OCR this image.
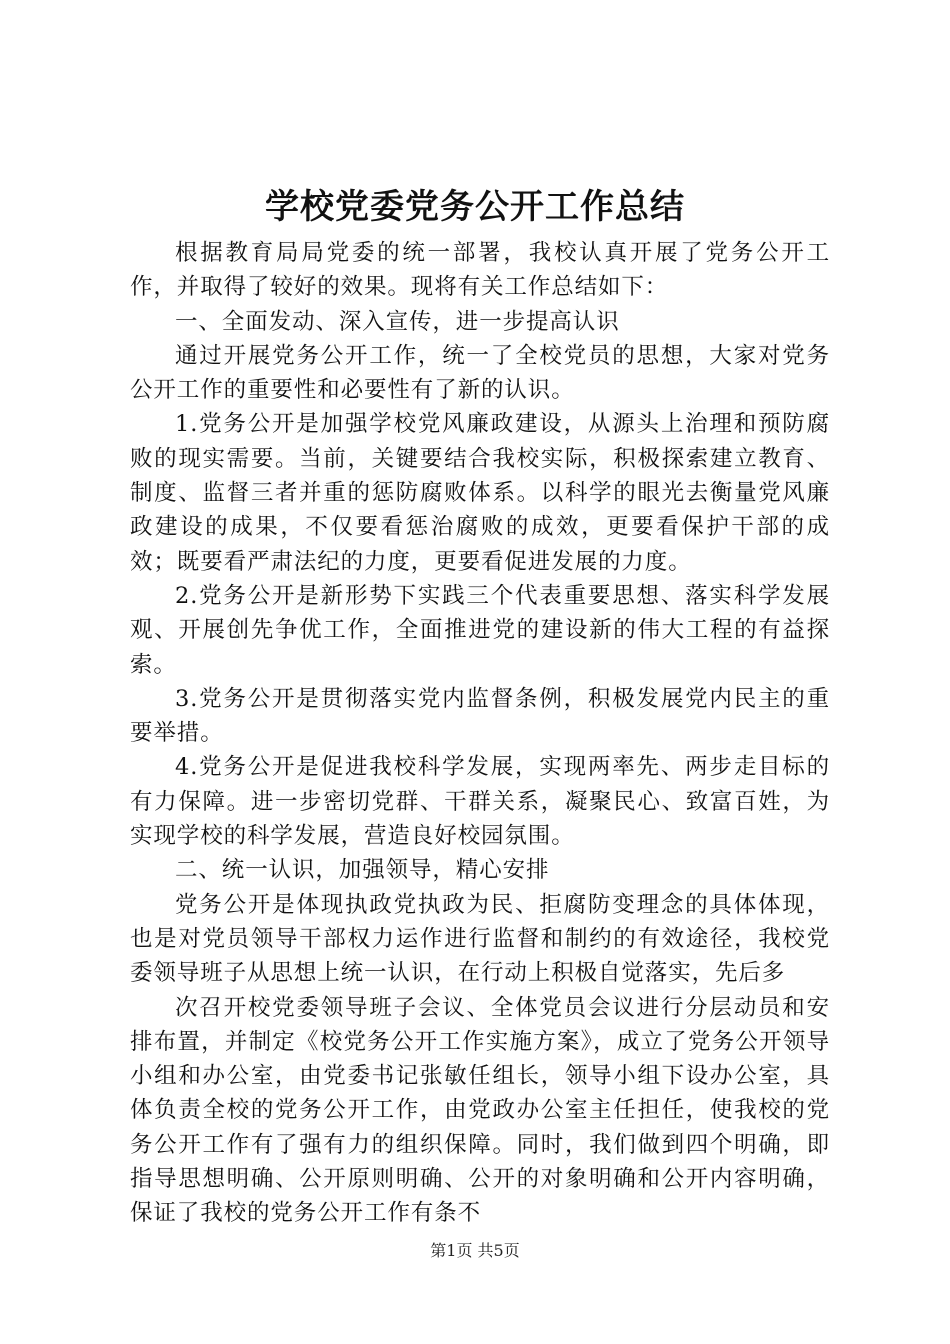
学校党委党务公开工作总结

根据教育局局党委的统一部署，我校认真开展了党务公开工作，并取得了较好的效果。现将有关工作总结如下：

一、全面发动、深入宣传，进一步提高认识

通过开展党务公开工作，统一了全校党员的思想，大家对党务公开工作的重要性和必要性有了新的认识。

1.党务公开是加强学校党风廉政建设，从源头上治理和预防腐败的现实需要。当前，关键要结合我校实际，积极探索建立教育、制度、监督三者并重的惩防腐败体系。以科学的眼光去衡量党风廉政建设的成果，不仅要看惩治腐败的成效，更要看保护干部的成效；既要看严肃法纪的力度，更要看促进发展的力度。

2.党务公开是新形势下实践三个代表重要思想、落实科学发展观、开展创先争优工作，全面推进党的建设新的伟大工程的有益探索。

3.党务公开是贯彻落实党内监督条例，积极发展党内民主的重要举措。

4.党务公开是促进我校科学发展，实现两率先、两步走目标的有力保障。进一步密切党群、干群关系，凝聚民心、致富百姓，为实现学校的科学发展，营造良好校园氛围。

二、统一认识，加强领导，精心安排

党务公开是体现执政党执政为民、拒腐防变理念的具体体现，也是对党员领导干部权力运作进行监督和制约的有效途径，我校党委领导班子从思想上统一认识，在行动上积极自觉落实，先后多

次召开校党委领导班子会议、全体党员会议进行分层动员和安排布置，并制定《校党务公开工作实施方案》，成立了党务公开领导小组和办公室，由党委书记张敏任组长，领导小组下设办公室，具体负责全校的党务公开工作，由党政办公室主任担任，使我校的党务公开工作有了强有力的组织保障。同时，我们做到四个明确，即指导思想明确、公开原则明确、公开的对象明确和公开内容明确，保证了我校的党务公开工作有条不

第1页 共5页
